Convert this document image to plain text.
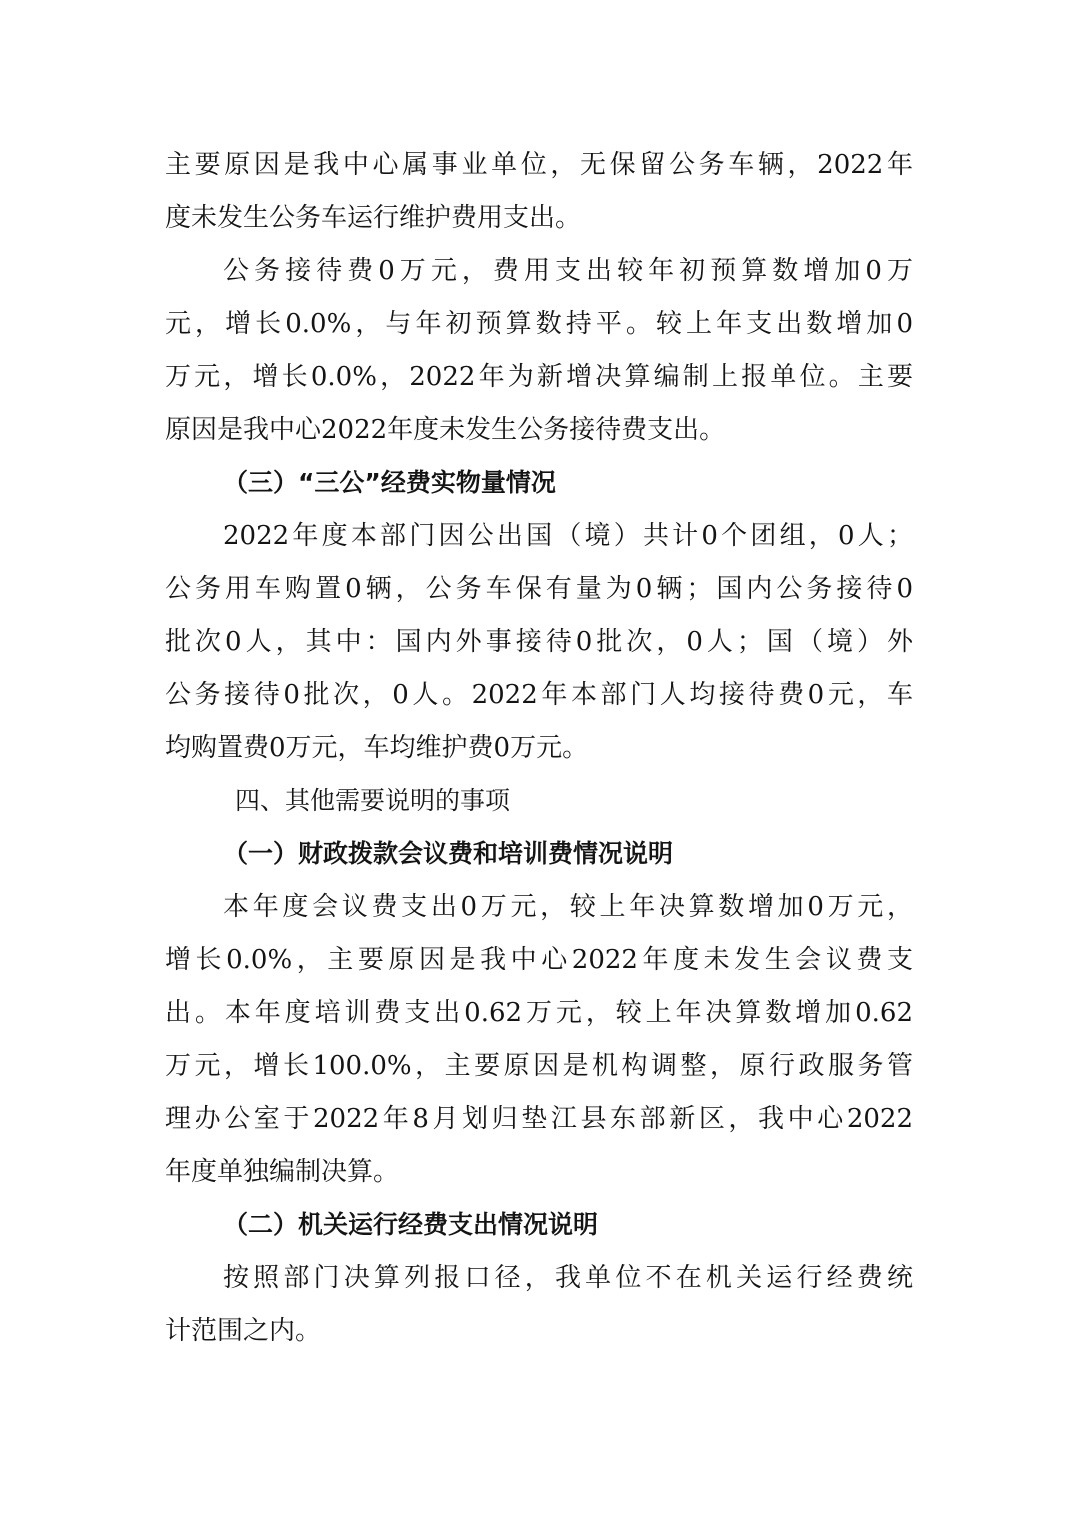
主要原因是我中心属事业单位，无保留公务车辆，2022年
度未发生公务车运行维护费用支出。
公务接待费0万元，费用支出较年初预算数增加0万
元，增长0.0%，与年初预算数持平。较上年支出数增加0
万元，增长0.0%，2022年为新增决算编制上报单位。主要
原因是我中心2022年度未发生公务接待费支出。
（三）“三公”经费实物量情况
2022年度本部门因公出国（境）共计0个团组，0人；
公务用车购置0辆，公务车保有量为0辆；国内公务接待0
批次0人，其中：国内外事接待0批次，0人；国（境）外
公务接待0批次，0人。2022年本部门人均接待费0元，车
均购置费0万元，车均维护费0万元。
四、其他需要说明的事项
（一）财政拨款会议费和培训费情况说明
本年度会议费支出0万元，较上年决算数增加0万元，
增长0.0%，主要原因是我中心2022年度未发生会议费支
出。本年度培训费支出0.62万元，较上年决算数增加0.62
万元，增长100.0%，主要原因是机构调整，原行政服务管
理办公室于2022年8月划归垫江县东部新区，我中心2022
年度单独编制决算。
（二）机关运行经费支出情况说明
按照部门决算列报口径，我单位不在机关运行经费统
计范围之内。
